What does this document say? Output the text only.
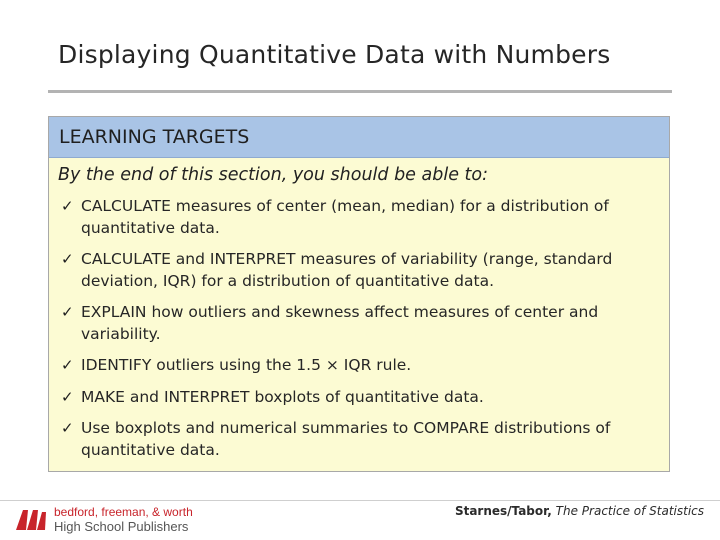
Displaying Quantitative Data with Numbers
LEARNING TARGETS
By the end of this section, you should be able to:
✓ CALCULATE measures of center (mean, median) for a distribution of quantitative data.
✓ CALCULATE and INTERPRET measures of variability (range, standard deviation, IQR) for a distribution of quantitative data.
✓ EXPLAIN how outliers and skewness affect measures of center and variability.
✓ IDENTIFY outliers using the 1.5 × IQR rule.
✓ MAKE and INTERPRET boxplots of quantitative data.
✓ Use boxplots and numerical summaries to COMPARE distributions of quantitative data.
bedford, freeman, & worth
High School Publishers
Starnes/Tabor, The Practice of Statistics
